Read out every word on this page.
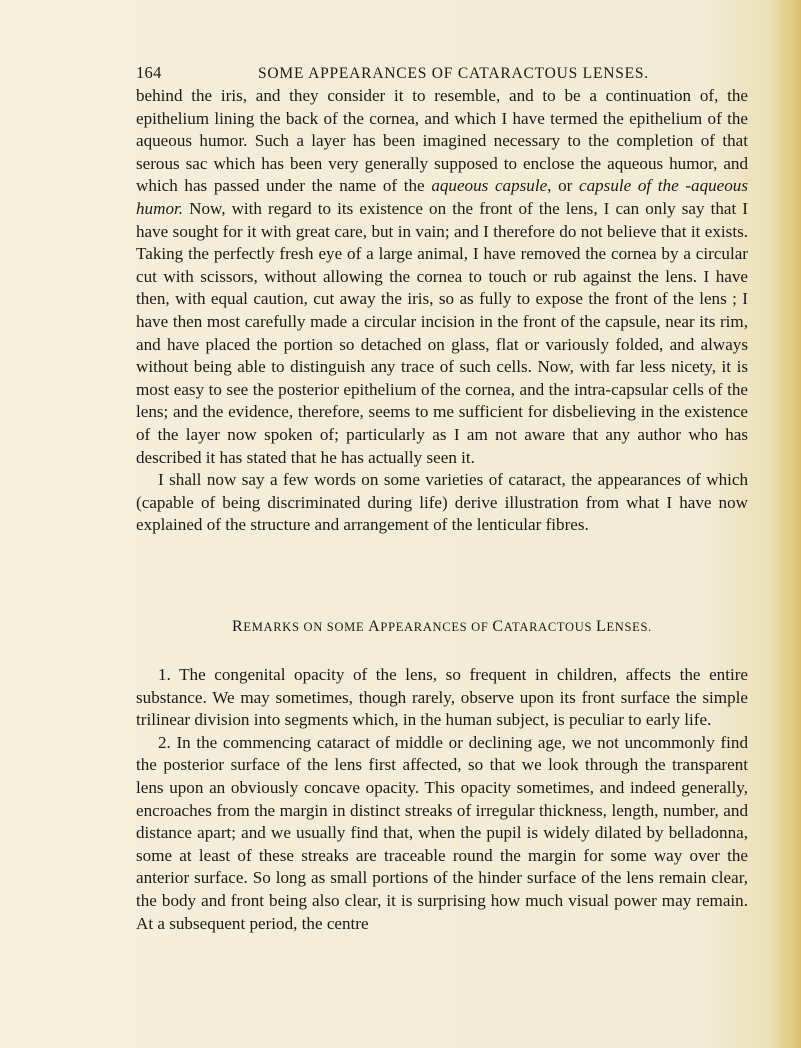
164	SOME APPEARANCES OF CATARACTOUS LENSES.

behind the iris, and they consider it to resemble, and to be a continuation of, the epithelium lining the back of the cornea, and which I have termed the epithelium of the aqueous humor. Such a layer has been imagined necessary to the completion of that serous sac which has been very generally supposed to enclose the aqueous humor, and which has passed under the name of the aqueous capsule, or capsule of the -aqueous humor. Now, with regard to its existence on the front of the lens, I can only say that I have sought for it with great care, but in vain; and I therefore do not believe that it exists. Taking the perfectly fresh eye of a large animal, I have removed the cornea by a circular cut with scissors, without allowing the cornea to touch or rub against the lens. I have then, with equal caution, cut away the iris, so as fully to expose the front of the lens ; I have then most carefully made a circular incision in the front of the capsule, near its rim, and have placed the portion so detached on glass, flat or variously folded, and always without being able to distinguish any trace of such cells. Now, with far less nicety, it is most easy to see the posterior epithelium of the cornea, and the intra-capsular cells of the lens; and the evidence, therefore, seems to me sufficient for disbelieving in the existence of the layer now spoken of; particularly as I am not aware that any author who has described it has stated that he has actually seen it.

I shall now say a few words on some varieties of cataract, the appearances of which (capable of being discriminated during life) derive illustration from what I have now explained of the structure and arrangement of the lenticular fibres.

REMARKS ON SOME APPEARANCES OF CATARACTOUS LENSES.

1. The congenital opacity of the lens, so frequent in children, affects the entire substance. We may sometimes, though rarely, observe upon its front surface the simple trilinear division into segments which, in the human subject, is peculiar to early life.

2. In the commencing cataract of middle or declining age, we not uncommonly find the posterior surface of the lens first affected, so that we look through the transparent lens upon an obviously concave opacity. This opacity sometimes, and indeed generally, encroaches from the margin in distinct streaks of irregular thickness, length, number, and distance apart; and we usually find that, when the pupil is widely dilated by belladonna, some at least of these streaks are traceable round the margin for some way over the anterior surface. So long as small portions of the hinder surface of the lens remain clear, the body and front being also clear, it is surprising how much visual power may remain. At a subsequent period, the centre
